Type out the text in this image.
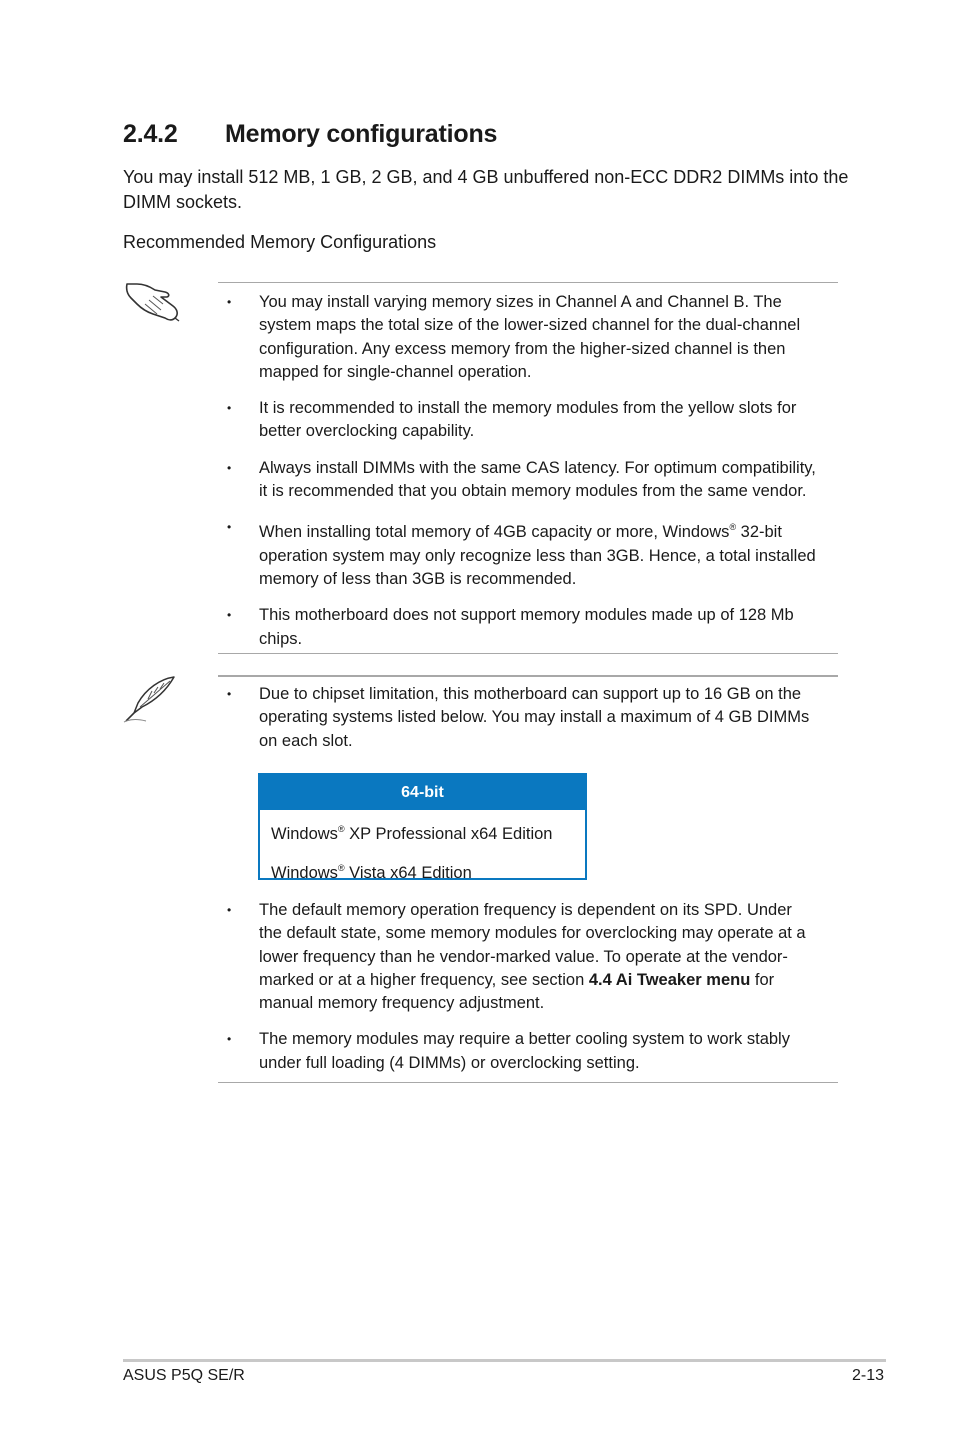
2.4.2 Memory configurations

You may install 512 MB, 1 GB, 2 GB, and 4 GB unbuffered non-ECC DDR2 DIMMs into the DIMM sockets.

Recommended Memory Configurations

• You may install varying memory sizes in Channel A and Channel B. The system maps the total size of the lower-sized channel for the dual-channel configuration. Any excess memory from the higher-sized channel is then mapped for single-channel operation.
• It is recommended to install the memory modules from the yellow slots for better overclocking capability.
• Always install DIMMs with the same CAS latency. For optimum compatibility, it is recommended that you obtain memory modules from the same vendor.
• When installing total memory of 4GB capacity or more, Windows® 32-bit operation system may only recognize less than 3GB. Hence, a total installed memory of less than 3GB is recommended.
• This motherboard does not support memory modules made up of 128 Mb chips.
• Due to chipset limitation, this motherboard can support up to 16 GB on the operating systems listed below. You may install a maximum of 4 GB DIMMs on each slot.
64-bit
Windows® XP Professional x64 Edition
Windows® Vista x64 Edition
• The default memory operation frequency is dependent on its SPD. Under the default state, some memory modules for overclocking may operate at a lower frequency than he vendor-marked value. To operate at the vendor-marked or at a higher frequency, see section 4.4 Ai Tweaker menu for manual memory frequency adjustment.
• The memory modules may require a better cooling system to work stably under full loading (4 DIMMs) or overclocking setting.
ASUS P5Q SE/R	2-13
